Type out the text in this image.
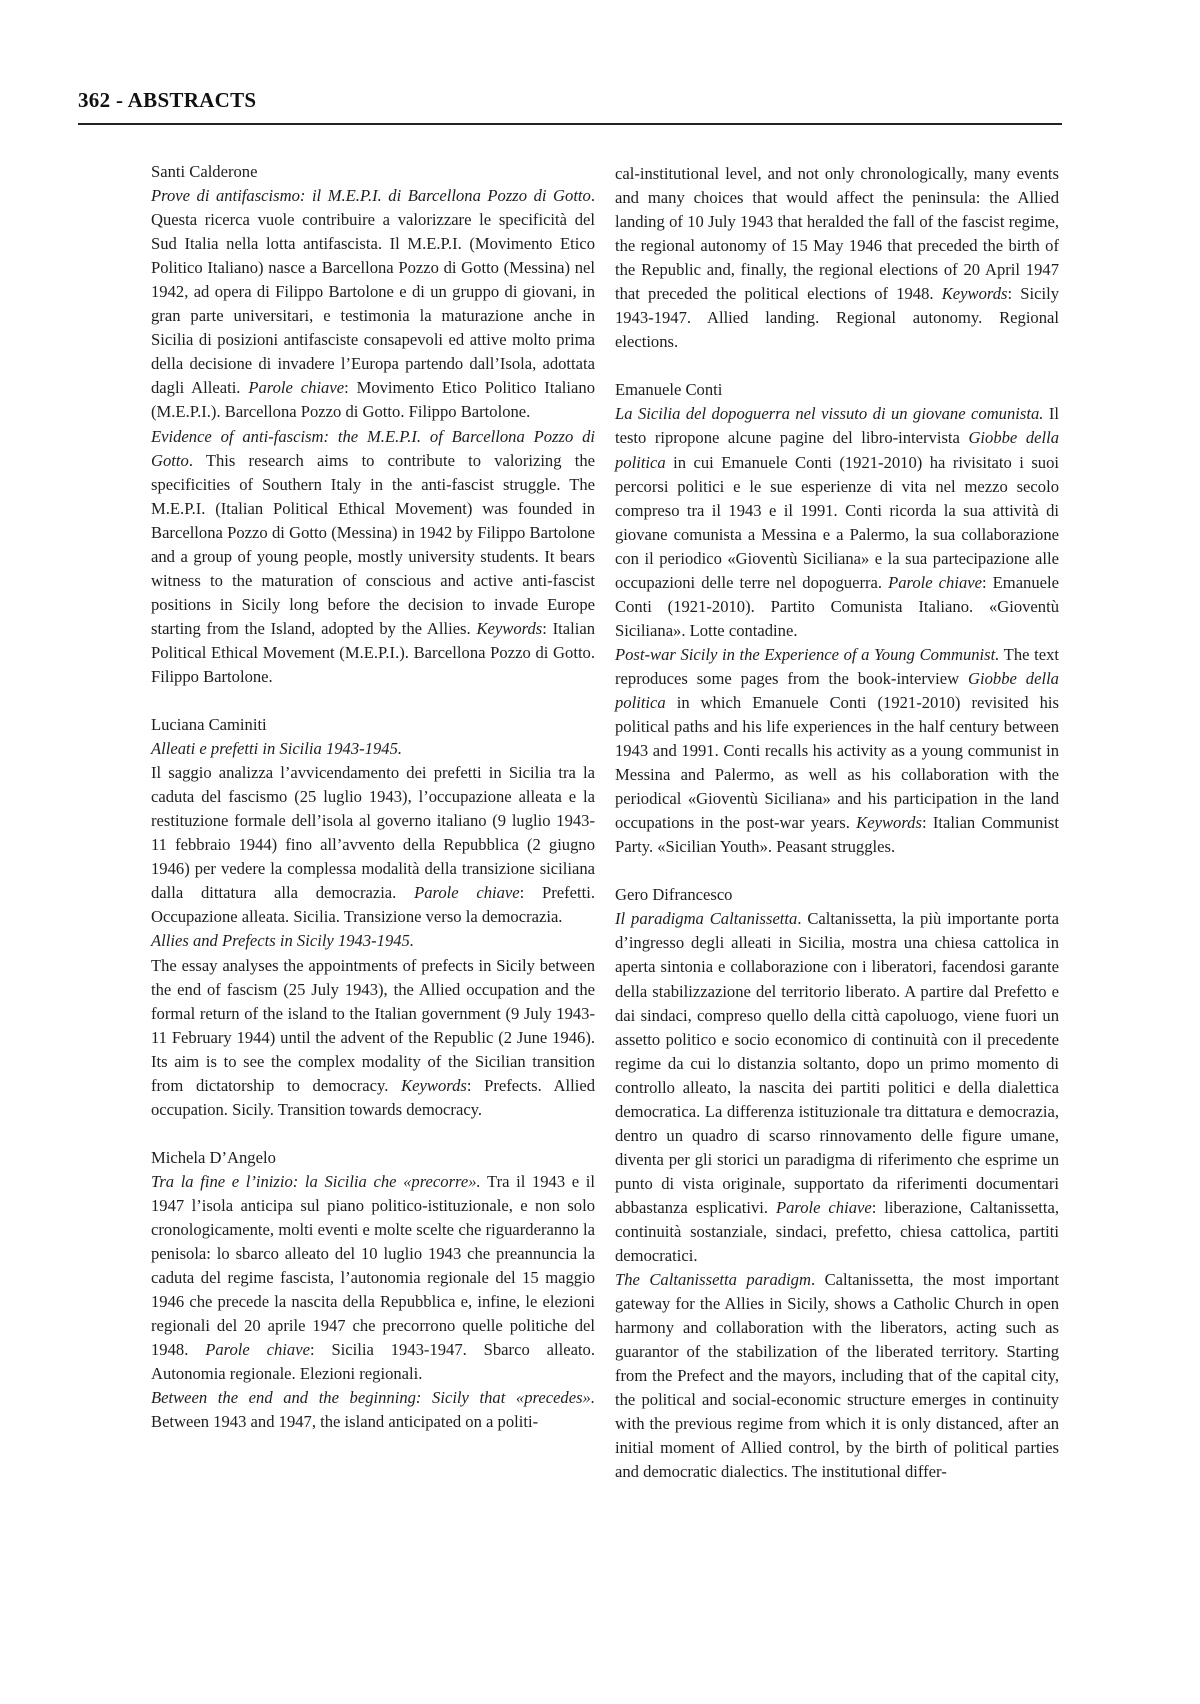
362 - ABSTRACTS

Santi Calderone

Prove di antifascismo: il M.E.P.I. di Barcellona Pozzo di Gotto. Questa ricerca vuole contribuire a valorizzare le specificità del Sud Italia nella lotta antifascista. Il M.E.P.I. (Movimento Etico Politico Italiano) nasce a Barcellona Pozzo di Gotto (Messina) nel 1942, ad opera di Filippo Bartolone e di un gruppo di giovani, in gran parte universitari, e testimonia la maturazione anche in Sicilia di posizioni antifasciste consapevoli ed attive molto prima della decisione di invadere l’Europa partendo dall’Isola, adottata dagli Alleati. Parole chiave: Movimento Etico Politico Italiano (M.E.P.I.). Barcellona Pozzo di Gotto. Filippo Bartolone.

Evidence of anti-fascism: the M.E.P.I. of Barcellona Pozzo di Gotto. This research aims to contribute to valorizing the specificities of Southern Italy in the anti-fascist struggle. The M.E.P.I. (Italian Political Ethical Movement) was founded in Barcellona Pozzo di Gotto (Messina) in 1942 by Filippo Bartolone and a group of young people, mostly university students. It bears witness to the maturation of conscious and active anti-fascist positions in Sicily long before the decision to invade Europe starting from the Island, adopted by the Allies. Keywords: Italian Political Ethical Movement (M.E.P.I.). Barcellona Pozzo di Gotto. Filippo Bartolone.

Luciana Caminiti

Alleati e prefetti in Sicilia 1943-1945.

Il saggio analizza l’avvicendamento dei prefetti in Sicilia tra la caduta del fascismo (25 luglio 1943), l’occupazione alleata e la restituzione formale dell’isola al governo italiano (9 luglio 1943-11 febbraio 1944) fino all’avvento della Repubblica (2 giugno 1946) per vedere la complessa modalità della transizione siciliana dalla dittatura alla democrazia. Parole chiave: Prefetti. Occupazione alleata. Sicilia. Transizione verso la democrazia.

Allies and Prefects in Sicily 1943-1945.

The essay analyses the appointments of prefects in Sicily between the end of fascism (25 July 1943), the Allied occupation and the formal return of the island to the Italian government (9 July 1943-11 February 1944) until the advent of the Republic (2 June 1946). Its aim is to see the complex modality of the Sicilian transition from dictatorship to democracy. Keywords: Prefects. Allied occupation. Sicily. Transition towards democracy.

Michela D’Angelo

Tra la fine e l’inizio: la Sicilia che «precorre». Tra il 1943 e il 1947 l’isola anticipa sul piano politico-istituzionale, e non solo cronologicamente, molti eventi e molte scelte che riguarderanno la penisola: lo sbarco alleato del 10 luglio 1943 che preannuncia la caduta del regime fascista, l’autonomia regionale del 15 maggio 1946 che precede la nascita della Repubblica e, infine, le elezioni regionali del 20 aprile 1947 che precorrono quelle politiche del 1948. Parole chiave: Sicilia 1943-1947. Sbarco alleato. Autonomia regionale. Elezioni regionali.

Between the end and the beginning: Sicily that «precedes». Between 1943 and 1947, the island anticipated on a politi-

cal-institutional level, and not only chronologically, many events and many choices that would affect the peninsula: the Allied landing of 10 July 1943 that heralded the fall of the fascist regime, the regional autonomy of 15 May 1946 that preceded the birth of the Republic and, finally, the regional elections of 20 April 1947 that preceded the political elections of 1948. Keywords: Sicily 1943-1947. Allied landing. Regional autonomy. Regional elections.

Emanuele Conti

La Sicilia del dopoguerra nel vissuto di un giovane comunista. Il testo ripropone alcune pagine del libro-intervista Giobbe della politica in cui Emanuele Conti (1921-2010) ha rivisitato i suoi percorsi politici e le sue esperienze di vita nel mezzo secolo compreso tra il 1943 e il 1991. Conti ricorda la sua attività di giovane comunista a Messina e a Palermo, la sua collaborazione con il periodico «Gioventù Siciliana» e la sua partecipazione alle occupazioni delle terre nel dopoguerra. Parole chiave: Emanuele Conti (1921-2010). Partito Comunista Italiano. «Gioventù Siciliana». Lotte contadine.

Post-war Sicily in the Experience of a Young Communist. The text reproduces some pages from the book-interview Giobbe della politica in which Emanuele Conti (1921-2010) revisited his political paths and his life experiences in the half century between 1943 and 1991. Conti recalls his activity as a young communist in Messina and Palermo, as well as his collaboration with the periodical «Gioventù Siciliana» and his participation in the land occupations in the post-war years. Keywords: Italian Communist Party. «Sicilian Youth». Peasant struggles.

Gero Difrancesco

Il paradigma Caltanissetta. Caltanissetta, la più importante porta d’ingresso degli alleati in Sicilia, mostra una chiesa cattolica in aperta sintonia e collaborazione con i liberatori, facendosi garante della stabilizzazione del territorio liberato. A partire dal Prefetto e dai sindaci, compreso quello della città capoluogo, viene fuori un assetto politico e socio economico di continuità con il precedente regime da cui lo distanzia soltanto, dopo un primo momento di controllo alleato, la nascita dei partiti politici e della dialettica democratica. La differenza istituzionale tra dittatura e democrazia, dentro un quadro di scarso rinnovamento delle figure umane, diventa per gli storici un paradigma di riferimento che esprime un punto di vista originale, supportato da riferimenti documentari abbastanza esplicativi. Parole chiave: liberazione, Caltanissetta, continuità sostanziale, sindaci, prefetto, chiesa cattolica, partiti democratici.

The Caltanissetta paradigm. Caltanissetta, the most important gateway for the Allies in Sicily, shows a Catholic Church in open harmony and collaboration with the liberators, acting such as guarantor of the stabilization of the liberated territory. Starting from the Prefect and the mayors, including that of the capital city, the political and social-economic structure emerges in continuity with the previous regime from which it is only distanced, after an initial moment of Allied control, by the birth of political parties and democratic dialectics. The institutional differ-
